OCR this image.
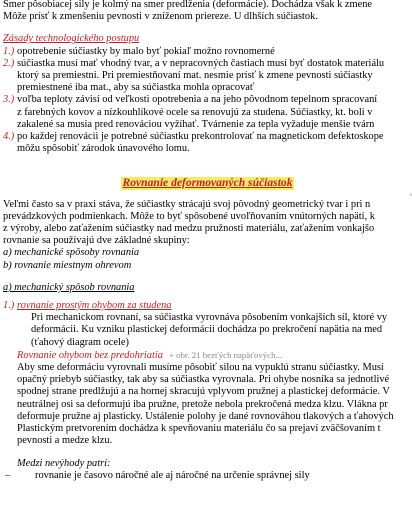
Smer pôsobiacej sily je kolmý na smer predĺženia (deformácie). Dochádza však k zmene
Môže prísť k zmenšeniu pevnosti v zníženom priereze. U dlhších súčiastok.
Zásady technologického postupu
1.) opotrebenie súčiastky by malo byť pokiaľ možno rovnomerné
2.) súčiastka musí mať vhodný tvar, a v nepracovných častiach musí byť dostatok materiálu
ktorý sa premiestni. Pri premiestňovaní mat. nesmie prísť k zmene pevnosti súčiastky
premiestnené iba mat., aby sa súčiastka mohla opracovať
3.) voľba teploty závisí od veľkosti opotrebenia a na jeho pôvodnom tepelnom spracovaní
z farebných kovov a nízkouhlíkové ocele sa renovujú za studena. Súčiastky, kt. boli v
zakalené sa musia pred renováciou vyžíhať. Tvárnenie za tepla vyžaduje menšie tvárn
4.) po každej renovácii je potrebné súčiastku prekontrolovať na magnetickom defektoskope
môžu spôsobiť zárodok únavového lomu.
Rovnanie deformovaných súčiastok
s
Veľmi často sa v praxi stáva, že súčiastky strácajú svoj pôvodný geometrický tvar i pri n
prevádzkových podmienkach. Môže to byť spôsobené uvoľňovaním vnútorných napätí, k
z výroby, alebo zaťažením súčiastky nad medzu pružnosti materiálu, zaťažením vonkajšo
rovnanie sa používajú dve základné skupiny:
a) mechanické spôsoby rovnania
b) rovnanie miestnym ohrevom
a) mechanický spôsob rovnania
1.) rovnanie prostým ohybom za studena
Pri mechanickom rovnaní, sa súčiastka vyrovnáva pôsobením vonkajších síl, ktoré vy
deformácii. Ku vzniku plastickej deformácii dochádza po prekročení napätia na med
(ťahový diagram ocele)
Rovnanie ohybom bez predohriatia + obr. 21 bezťých napäťových...
Aby sme deformáciu vyrovnali musíme pôsobiť silou na vypuklú stranu súčiastky. Musí
opačný priebyb súčiastky, tak aby sa súčiastka vyrovnala. Pri ohybe nosníka sa jednotlivé
spodnej strane predlžujú a na hornej skracujú vplyvom pružnej a plastickej deformácie. V
neutrálnej osi sa deformujú iba pružne, pretože nebola prekročená medza klzu. Vlákna pr
deformuje pružne aj plasticky. Ustálenie polohy je dané rovnováhou tlakových a ťahových
Plastickým pretvorením dochádza k spevňovaniu materiálu čo sa prejaví zväčšovaním t
pevnosti a medze klzu.
Medzi nevýhody patrí:
– rovnanie je časovo náročné ale aj náročné na určenie správnej sily
